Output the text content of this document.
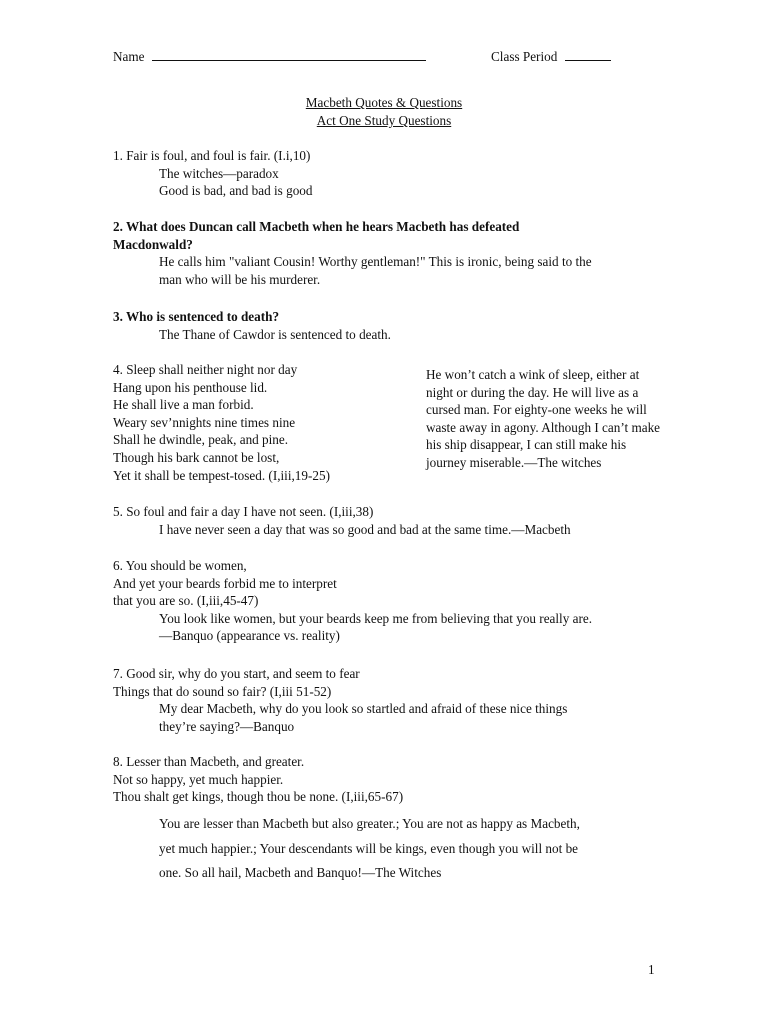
Name	Class Period
Macbeth Quotes & Questions
Act One Study Questions
1. Fair is foul, and foul is fair. (I.i,10)
The witches—paradox
Good is bad, and bad is good
2. What does Duncan call Macbeth when he hears Macbeth has defeated
Macdonwald?
He calls him "valiant Cousin! Worthy gentleman!" This is ironic, being said to the
man who will be his murderer.
3. Who is sentenced to death?
The Thane of Cawdor is sentenced to death.
4. Sleep shall neither night nor day
Hang upon his penthouse lid.
He shall live a man forbid.
Weary sev’nnights nine times nine
Shall he dwindle, peak, and pine.
Though his bark cannot be lost,
Yet it shall be tempest-tosed. (I,iii,19-25)
He won’t catch a wink of sleep, either at
night or during the day. He will live as a
cursed man. For eighty-one weeks he will
waste away in agony. Although I can’t make
his ship disappear, I can still make his
journey miserable.—The witches
5. So foul and fair a day I have not seen. (I,iii,38)
I have never seen a day that was so good and bad at the same time.—Macbeth
6. You should be women,
And yet your beards forbid me to interpret
that you are so. (I,iii,45-47)
You look like women, but your beards keep me from believing that you really are.
—Banquo (appearance vs. reality)
7. Good sir, why do you start, and seem to fear
Things that do sound so fair? (I,iii 51-52)
My dear Macbeth, why do you look so startled and afraid of these nice things
they’re saying?—Banquo
8. Lesser than Macbeth, and greater.
Not so happy, yet much happier.
Thou shalt get kings, though thou be none. (I,iii,65-67)
You are lesser than Macbeth but also greater.; You are not as happy as Macbeth,
yet much happier.; Your descendants will be kings, even though you will not be
one. So all hail, Macbeth and Banquo!—The Witches
1
